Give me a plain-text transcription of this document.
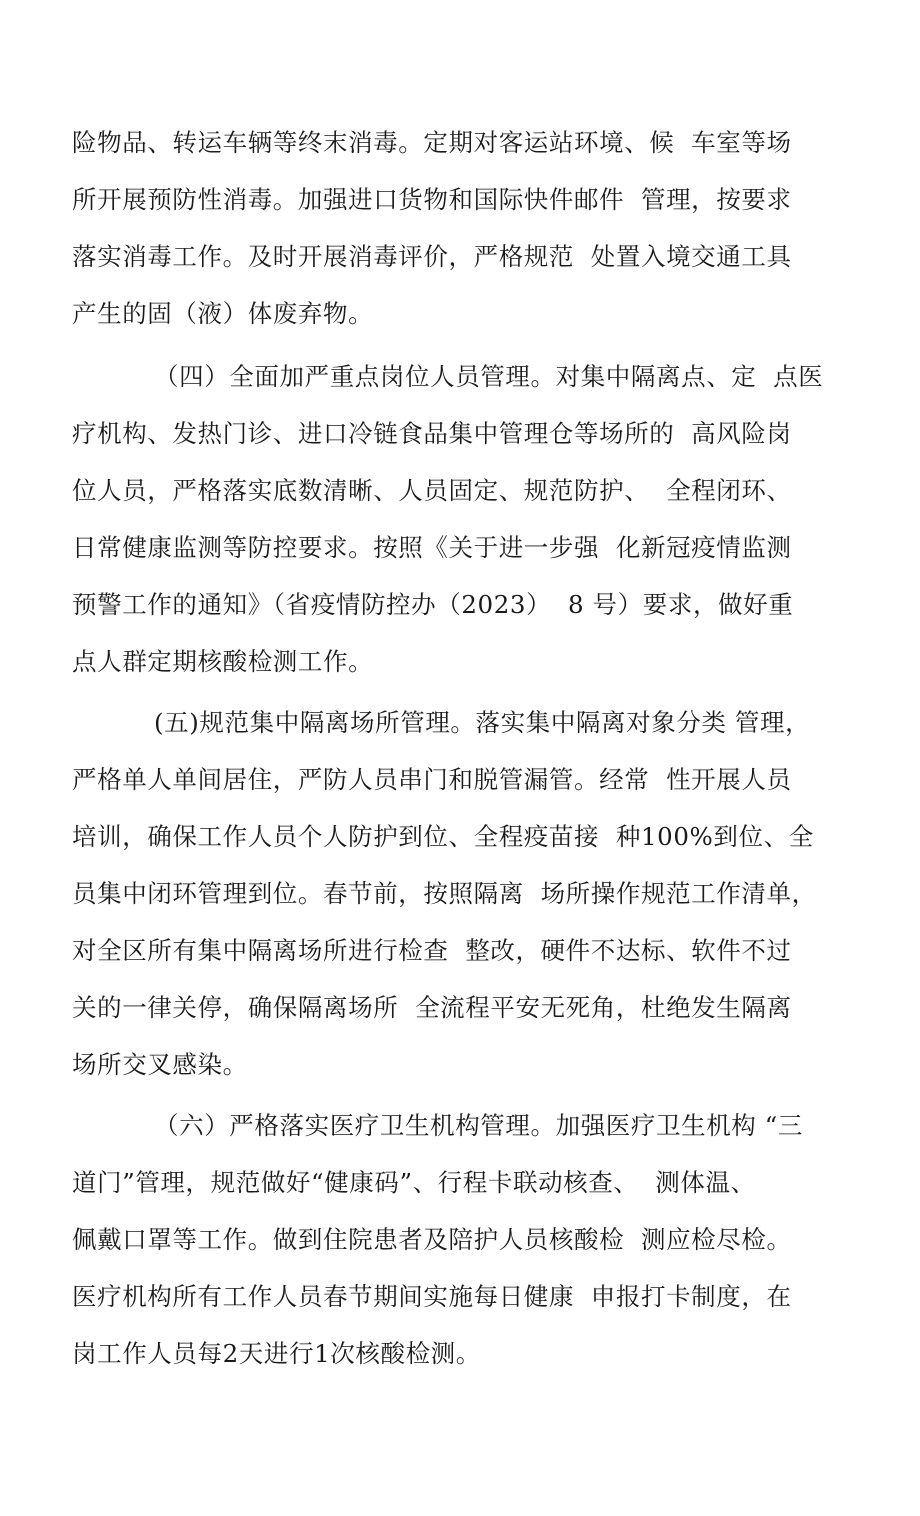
险物品、转运车辆等终末消毒。定期对客运站环境、候  车室等场

所开展预防性消毒。加强进口货物和国际快件邮件  管理，按要求

落实消毒工作。及时开展消毒评价，严格规范  处置入境交通工具

产生的固（液）体废弃物。

（四）全面加严重点岗位人员管理。对集中隔离点、定  点医

疗机构、发热门诊、进口冷链食品集中管理仓等场所的  高风险岗

位人员，严格落实底数清晰、人员固定、规范防护、  全程闭环、

日常健康监测等防控要求。按照《关于进一步强  化新冠疫情监测

预警工作的通知》（省疫情防控办（2023）  8 号）要求，做好重

点人群定期核酸检测工作。

(五)规范集中隔离场所管理。落实集中隔离对象分类 管理，

严格单人单间居住，严防人员串门和脱管漏管。经常  性开展人员

培训，确保工作人员个人防护到位、全程疫苗接  种100%到位、全

员集中闭环管理到位。春节前，按照隔离  场所操作规范工作清单，

对全区所有集中隔离场所进行检查  整改，硬件不达标、软件不过

关的一律关停，确保隔离场所  全流程平安无死角，杜绝发生隔离

场所交叉感染。

（六）严格落实医疗卫生机构管理。加强医疗卫生机构 “三

道门”管理，规范做好“健康码”、行程卡联动核查、  测体温、

佩戴口罩等工作。做到住院患者及陪护人员核酸检  测应检尽检。

医疗机构所有工作人员春节期间实施每日健康  申报打卡制度，在

岗工作人员每2天进行1次核酸检测。
